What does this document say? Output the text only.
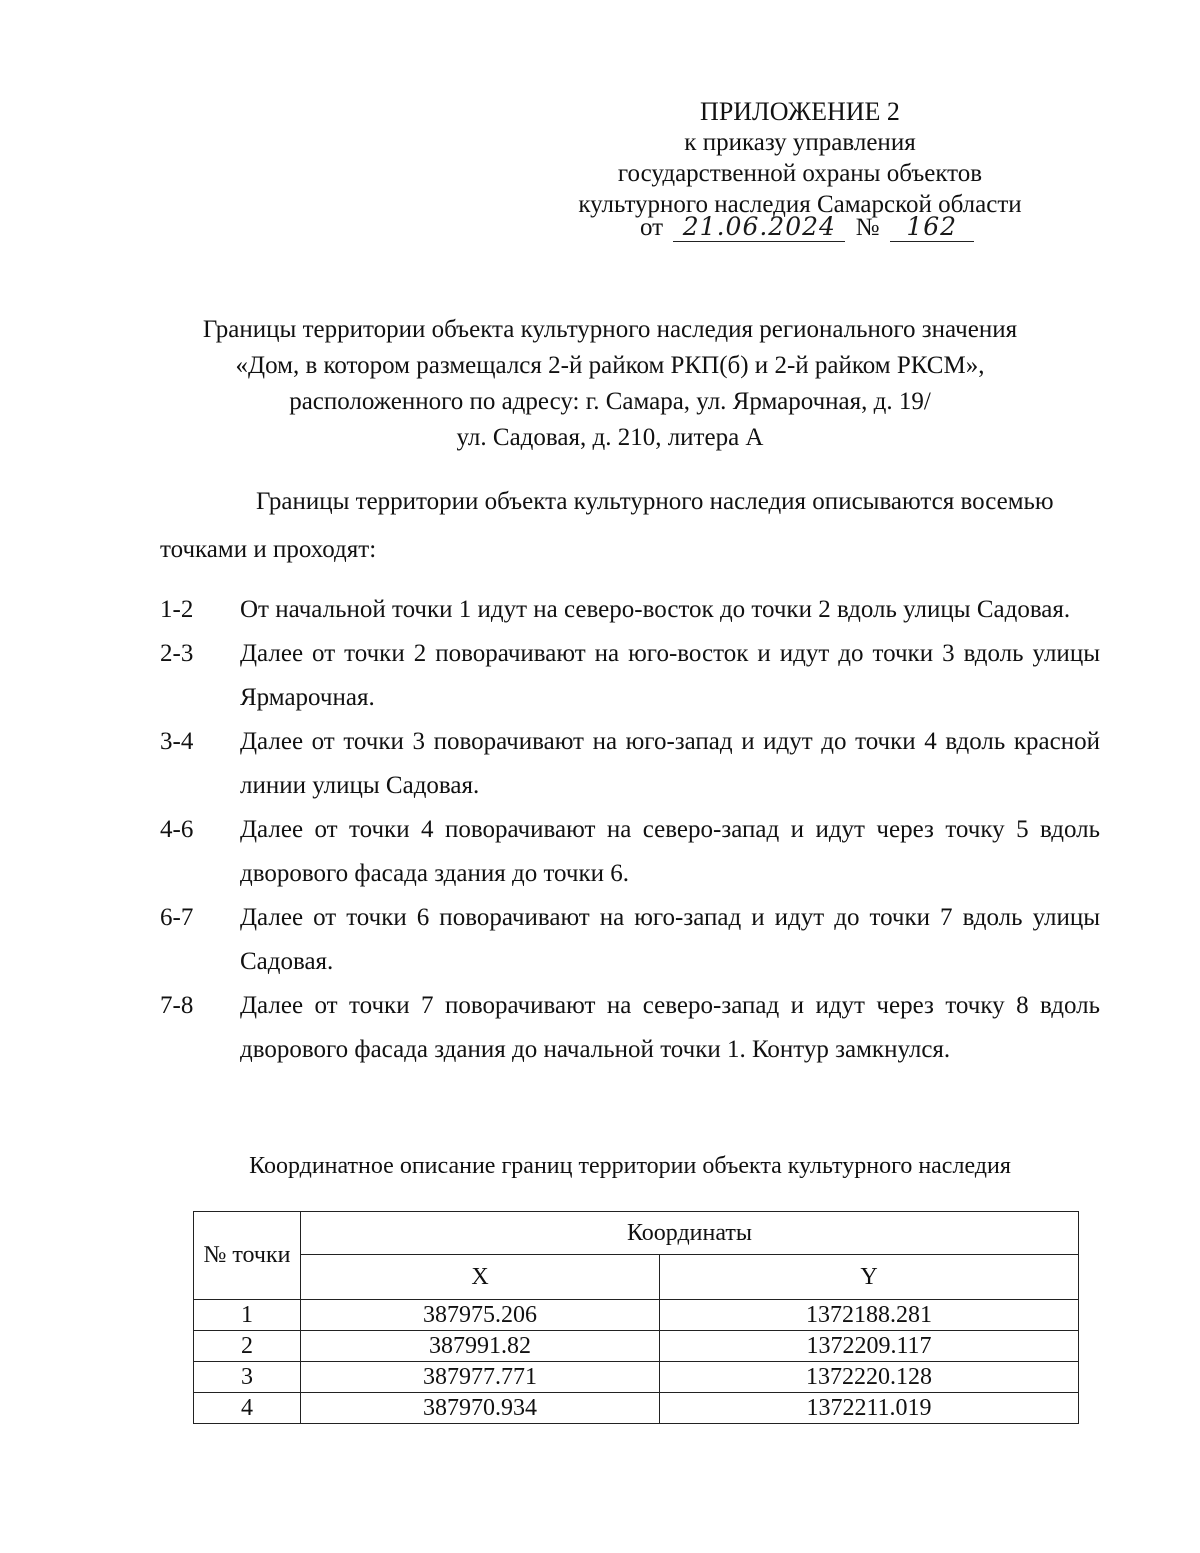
ПРИЛОЖЕНИЕ 2
к приказу управления
государственной охраны объектов
культурного наследия Самарской области
от 21.06.2024 № 162
Границы территории объекта культурного наследия регионального значения
«Дом, в котором размещался 2-й райком РКП(б) и 2-й райком РКСМ»,
расположенного по адресу: г. Самара, ул. Ярмарочная, д. 19/
ул. Садовая, д. 210, литера А
Границы территории объекта культурного наследия описываются восемью
точками и проходят:
1-2	От начальной точки 1 идут на северо-восток до точки 2 вдоль улицы Садовая.
2-3	Далее от точки 2 поворачивают на юго-восток и идут до точки 3 вдоль улицы Ярмарочная.
3-4	Далее от точки 3 поворачивают на юго-запад и идут до точки 4 вдоль красной линии улицы Садовая.
4-6	Далее от точки 4 поворачивают на северо-запад и идут через точку 5 вдоль дворового фасада здания до точки 6.
6-7	Далее от точки 6 поворачивают на юго-запад и идут до точки 7 вдоль улицы Садовая.
7-8	Далее от точки 7 поворачивают на северо-запад и идут через точку 8 вдоль дворового фасада здания до начальной точки 1. Контур замкнулся.
Координатное описание границ территории объекта культурного наследия
№ точки	Координаты	
	X	Y
1	387975.206	1372188.281
2	387991.82	1372209.117
3	387977.771	1372220.128
4	387970.934	1372211.019
